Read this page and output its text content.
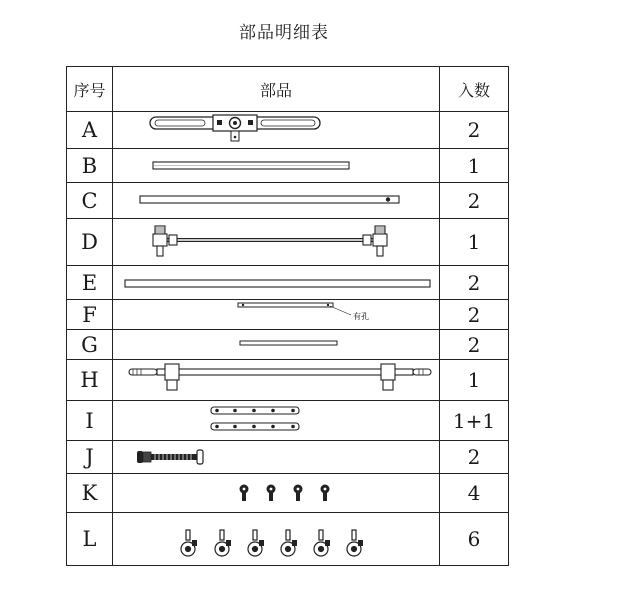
部品明细表
序号	部品	入数
A		2
B		1
C		2
D		1
E		2
F	有孔	2
G		2
H		1
I		1+1
J		2
K		4
L		6
